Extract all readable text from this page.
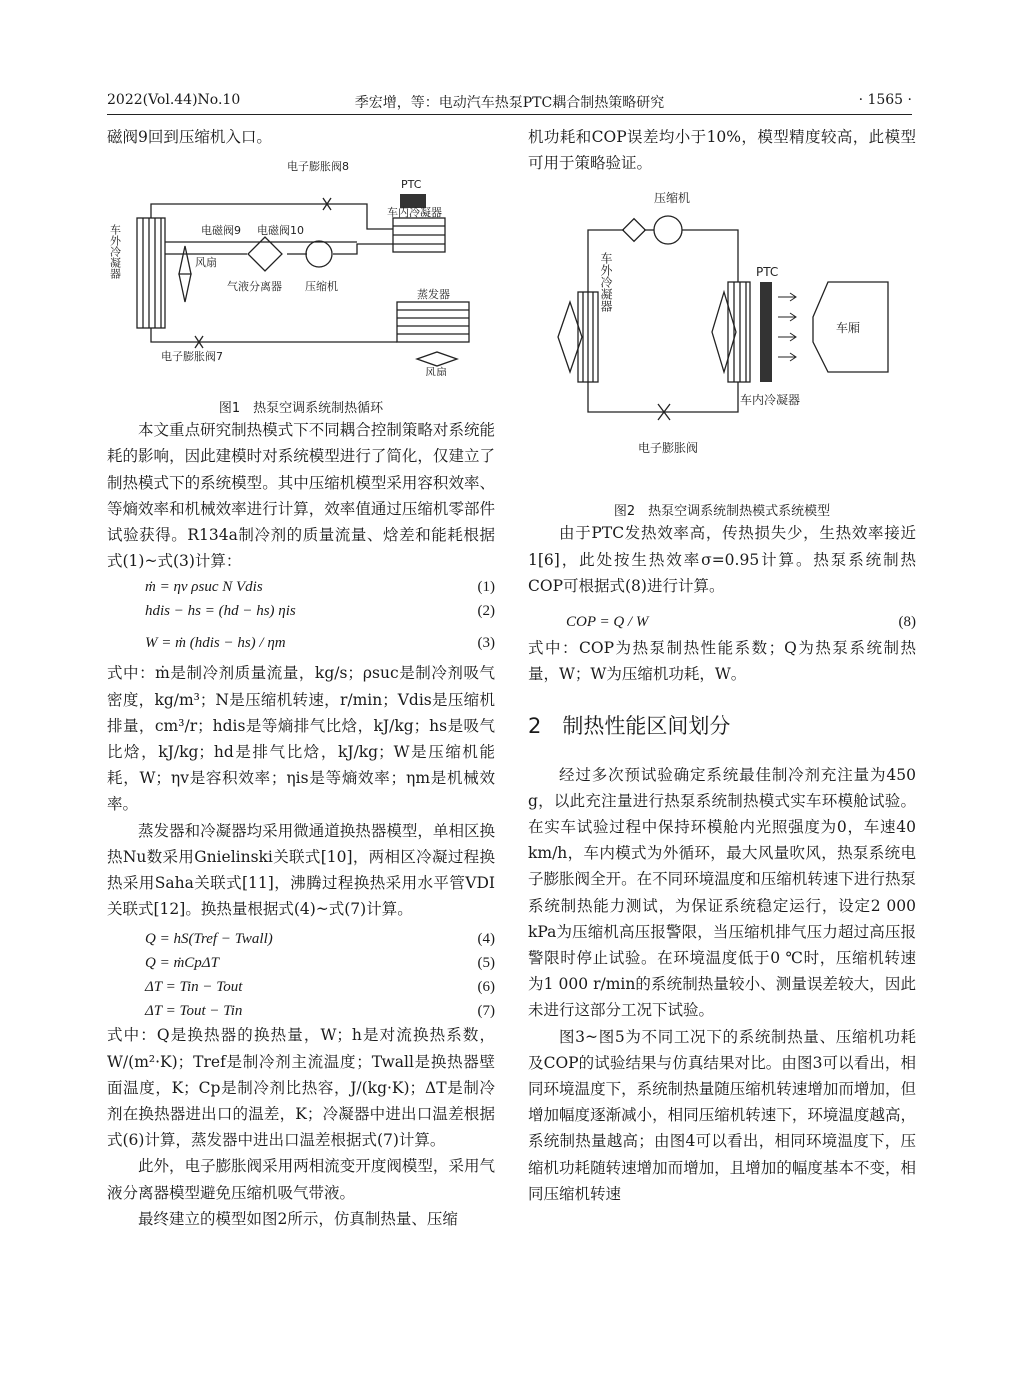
2022(Vol.44)No.10	季宏增，等：电动汽车热泵PTC耦合制热策略研究	· 1565 ·

磁阀9回到压缩机入口。

电子膨胀阀8
PTC
电磁阀9 电磁阀10
车内冷凝器
车外冷凝器	风扇
气液分离器 压缩机
蒸发器
电子膨胀阀7
风扇
图1　热泵空调系统制热循环

本文重点研究制热模式下不同耦合控制策略对系统能耗的影响，因此建模时对系统模型进行了简化，仅建立了制热模式下的系统模型。其中压缩机模型采用容积效率、等熵效率和机械效率进行计算，效率值通过压缩机零部件试验获得。R134a制冷剂的质量流量、焓差和能耗根据式(1)~式(3)计算：

ṁ = ηv ρsuc N Vdis	(1)
hdis − hs = (hd − hs) ηis	(2)
W = ṁ (hdis − hs) / ηm	(3)

式中：ṁ是制冷剂质量流量，kg/s；ρsuc是制冷剂吸气密度，kg/m³；N是压缩机转速，r/min；Vdis是压缩机排量，cm³/r；hdis是等熵排气比焓，kJ/kg；hs是吸气比焓，kJ/kg；hd是排气比焓，kJ/kg；W是压缩机能耗，W；ηv是容积效率；ηis是等熵效率；ηm是机械效率。

蒸发器和冷凝器均采用微通道换热器模型，单相区换热Nu数采用Gnielinski关联式[10]，两相区冷凝过程换热采用Saha关联式[11]，沸腾过程换热采用水平管VDI关联式[12]。换热量根据式(4)~式(7)计算。

Q = hS(Tref − Twall)	(4)
Q = ṁCpΔT	(5)
ΔT = Tin − Tout	(6)
ΔT = Tout − Tin	(7)

式中：Q是换热器的换热量，W；h是对流换热系数，W/(m²·K)；Tref是制冷剂主流温度；Twall是换热器壁面温度，K；Cp是制冷剂比热容，J/(kg·K)；ΔT是制冷剂在换热器进出口的温差，K；冷凝器中进出口温差根据式(6)计算，蒸发器中进出口温差根据式(7)计算。

此外，电子膨胀阀采用两相流变开度阀模型，采用气液分离器模型避免压缩机吸气带液。

最终建立的模型如图2所示，仿真制热量、压缩

机功耗和COP误差均小于10%，模型精度较高，此模型可用于策略验证。

压缩机
车外冷凝器	PTC
车厢
车内冷凝器
电子膨胀阀
图2　热泵空调系统制热模式系统模型

由于PTC发热效率高，传热损失少，生热效率接近1[6]，此处按生热效率σ=0.95计算。热泵系统制热COP可根据式(8)进行计算。

COP = Q / W	(8)

式中：COP为热泵制热性能系数；Q为热泵系统制热量，W；W为压缩机功耗，W。

2　制热性能区间划分

经过多次预试验确定系统最佳制冷剂充注量为450 g，以此充注量进行热泵系统制热模式实车环模舱试验。在实车试验过程中保持环模舱内光照强度为0，车速40 km/h，车内模式为外循环，最大风量吹风，热泵系统电子膨胀阀全开。在不同环境温度和压缩机转速下进行热泵系统制热能力测试，为保证系统稳定运行，设定2 000 kPa为压缩机高压报警限，当压缩机排气压力超过高压报警限时停止试验。在环境温度低于0 ℃时，压缩机转速为1 000 r/min的系统制热量较小、测量误差较大，因此未进行这部分工况下试验。

图3~图5为不同工况下的系统制热量、压缩机功耗及COP的试验结果与仿真结果对比。由图3可以看出，相同环境温度下，系统制热量随压缩机转速增加而增加，但增加幅度逐渐减小，相同压缩机转速下，环境温度越高，系统制热量越高；由图4可以看出，相同环境温度下，压缩机功耗随转速增加而增加，且增加的幅度基本不变，相同压缩机转速
